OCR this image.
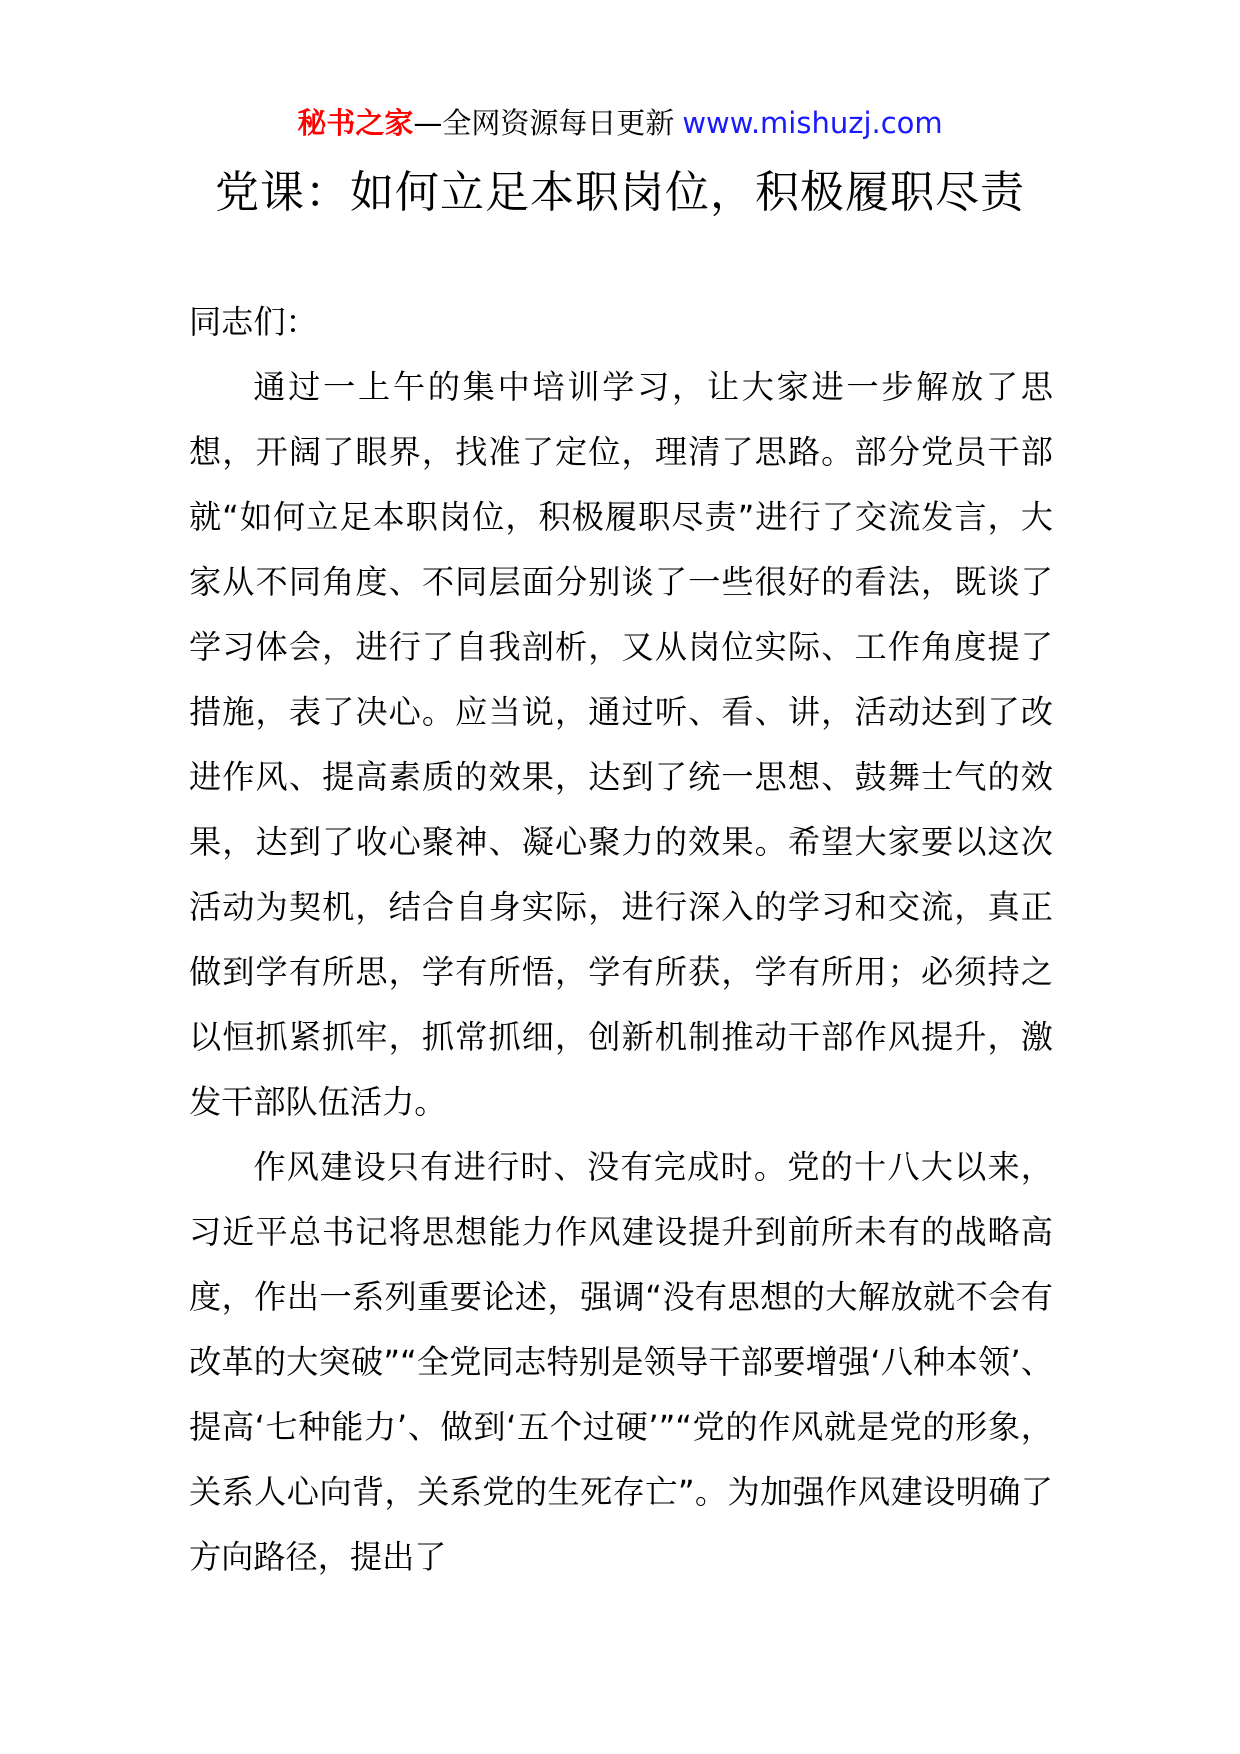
秘书之家—全网资源每日更新 www.mishuzj.com
党课：如何立足本职岗位，积极履职尽责

同志们：

通过一上午的集中培训学习，让大家进一步解放了思想，开阔了眼界，找准了定位，理清了思路。部分党员干部就“如何立足本职岗位，积极履职尽责”进行了交流发言，大家从不同角度、不同层面分别谈了一些很好的看法，既谈了学习体会，进行了自我剖析，又从岗位实际、工作角度提了措施，表了决心。应当说，通过听、看、讲，活动达到了改进作风、提高素质的效果，达到了统一思想、鼓舞士气的效果，达到了收心聚神、凝心聚力的效果。希望大家要以这次活动为契机，结合自身实际，进行深入的学习和交流，真正做到学有所思，学有所悟，学有所获，学有所用；必须持之以恒抓紧抓牢，抓常抓细，创新机制推动干部作风提升，激发干部队伍活力。

作风建设只有进行时、没有完成时。党的十八大以来，习近平总书记将思想能力作风建设提升到前所未有的战略高度，作出一系列重要论述，强调“没有思想的大解放就不会有改革的大突破”“全党同志特别是领导干部要增强‘八种本领’、提高‘七种能力’、做到‘五个过硬’”“党的作风就是党的形象，关系人心向背，关系党的生死存亡”。为加强作风建设明确了方向路径，提出了
